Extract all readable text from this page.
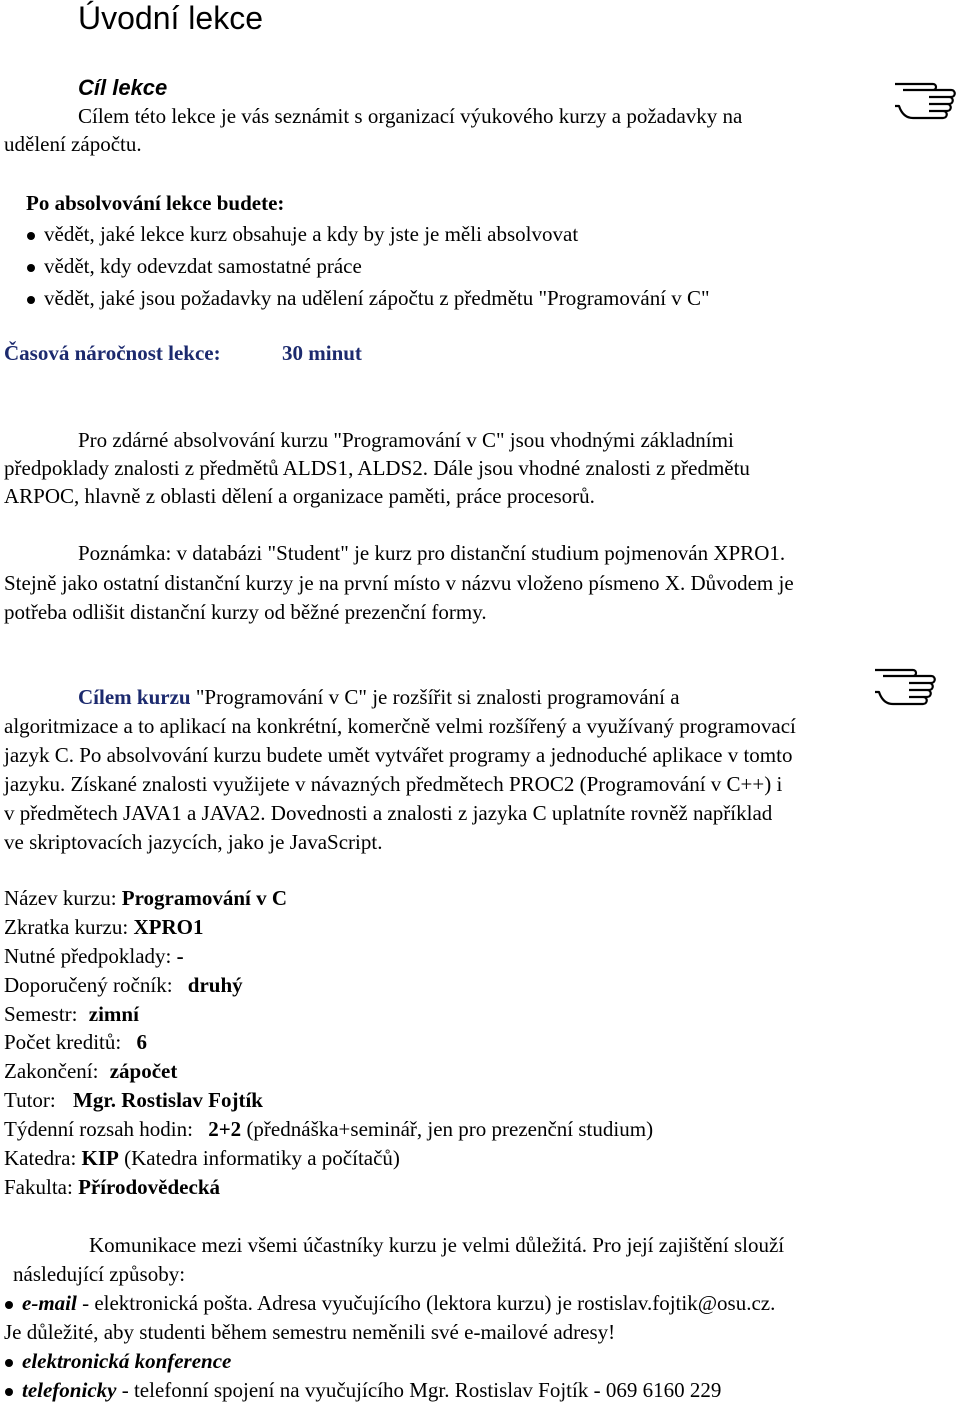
Úvodní lekce
Cíl lekce
Cílem této lekce je vás seznámit s organizací výukového kurzy a požadavky na
udělení zápočtu.
Po absolvování lekce budete:
vědět, jaké lekce kurz obsahuje a kdy by jste je měli absolvovat
vědět, kdy odevzdat samostatné práce
vědět, jaké jsou požadavky na udělení zápočtu z předmětu "Programování v C"
Časová náročnost lekce:	30 minut
Pro zdárné absolvování kurzu "Programování v C" jsou vhodnými základními
předpoklady znalosti z předmětů ALDS1, ALDS2. Dále jsou vhodné znalosti z předmětu
ARPOC, hlavně z oblasti dělení a organizace paměti, práce procesorů.
Poznámka: v databázi "Student" je kurz pro distanční studium pojmenován XPRO1.
Stejně jako ostatní distanční kurzy je na první místo v názvu vloženo písmeno X. Důvodem je
potřeba odlišit distanční kurzy od běžné prezenční formy.
Cílem kurzu "Programování v C" je rozšířit si znalosti programování a
algoritmizace a to aplikací na konkrétní, komerčně velmi rozšířený a využívaný programovací
jazyk C. Po absolvování kurzu budete umět vytvářet programy a jednoduché aplikace v tomto
jazyku. Získané znalosti využijete v návazných předmětech PROC2 (Programování v C++) i
v předmětech JAVA1 a JAVA2. Dovednosti a znalosti z jazyka C uplatníte rovněž například
ve skriptovacích jazycích, jako je JavaScript.
Název kurzu: Programování v C
Zkratka kurzu: XPRO1
Nutné předpoklady: -
Doporučený ročník: druhý
Semestr: zimní
Počet kreditů: 6
Zakončení: zápočet
Tutor: Mgr. Rostislav Fojtík
Týdenní rozsah hodin: 2+2 (přednáška+seminář, jen pro prezenční studium)
Katedra: KIP (Katedra informatiky a počítačů)
Fakulta: Přírodovědecká
Komunikace mezi všemi účastníky kurzu je velmi důležitá. Pro její zajištění slouží
následující způsoby:
e-mail - elektronická pošta. Adresa vyučujícího (lektora kurzu) je rostislav.fojtik@osu.cz.
Je důležité, aby studenti během semestru neměnili své e-mailové adresy!
elektronická konference
telefonicky - telefonní spojení na vyučujícího Mgr. Rostislav Fojtík - 069 6160 229
